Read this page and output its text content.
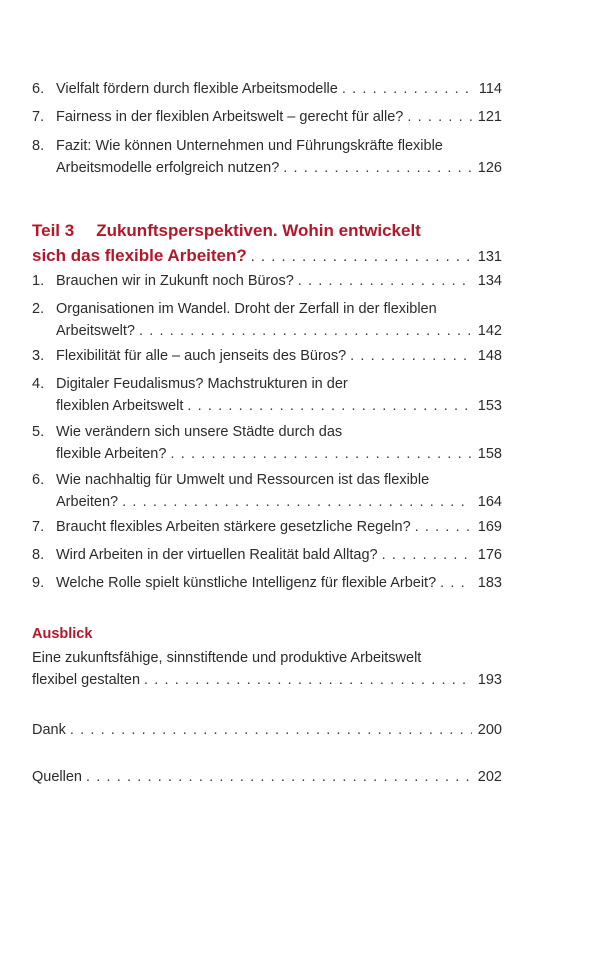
6. Vielfalt fördern durch flexible Arbeitsmodelle . . .	114
7. Fairness in der flexiblen Arbeitswelt – gerecht für alle? . . .	121
8. Fazit: Wie können Unternehmen und Führungskräfte flexible
Arbeitsmodelle erfolgreich nutzen? . . .	126
Teil 3 Zukunftsperspektiven. Wohin entwickelt
sich das flexible Arbeiten? . . .	131
1. Brauchen wir in Zukunft noch Büros? . . .	134
2. Organisationen im Wandel. Droht der Zerfall in der flexiblen
Arbeitswelt? . . .	142
3. Flexibilität für alle – auch jenseits des Büros? . . .	148
4. Digitaler Feudalismus? Machstrukturen in der
flexiblen Arbeitswelt . . .	153
5. Wie verändern sich unsere Städte durch das
flexible Arbeiten? . . .	158
6. Wie nachhaltig für Umwelt und Ressourcen ist das flexible
Arbeiten? . . .	164
7. Braucht flexibles Arbeiten stärkere gesetzliche Regeln? . . .	169
8. Wird Arbeiten in der virtuellen Realität bald Alltag? . . .	176
9. Welche Rolle spielt künstliche Intelligenz für flexible Arbeit? . . .	183
Ausblick
Eine zukunftsfähige, sinnstiftende und produktive Arbeitswelt
flexibel gestalten . . .	193
Dank . . .	200
Quellen . . .	202
